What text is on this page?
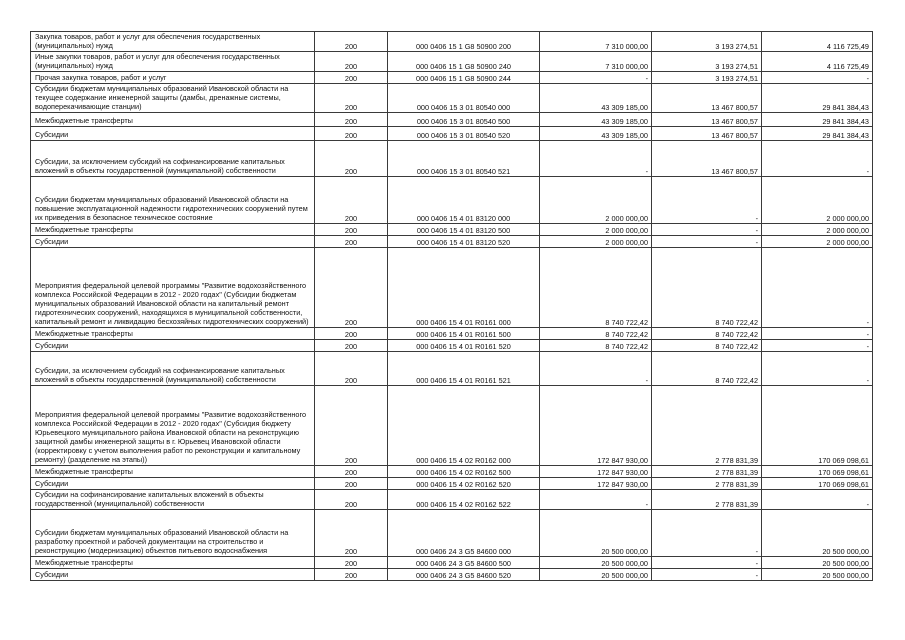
Закупка товаров, работ и услуг для обеспечения государственных (муниципальных) нужд	200	000 0406 15 1 G8 50900 200	7 310 000,00	3 193 274,51	4 116 725,49
Иные закупки товаров, работ и услуг для обеспечения государственных (муниципальных) нужд	200	000 0406 15 1 G8 50900 240	7 310 000,00	3 193 274,51	4 116 725,49
Прочая закупка товаров, работ и услуг	200	000 0406 15 1 G8 50900 244	-	3 193 274,51	-
Субсидии бюджетам муниципальных образований Ивановской области на текущее содержание инженерной защиты (дамбы, дренажные системы, водоперекачивающие станции)	200	000 0406 15 3 01 80540 000	43 309 185,00	13 467 800,57	29 841 384,43
Межбюджетные трансферты	200	000 0406 15 3 01 80540 500	43 309 185,00	13 467 800,57	29 841 384,43
Субсидии	200	000 0406 15 3 01 80540 520	43 309 185,00	13 467 800,57	29 841 384,43
Субсидии, за исключением субсидий на софинансирование капитальных вложений в объекты государственной (муниципальной) собственности	200	000 0406 15 3 01 80540 521	-	13 467 800,57	-
Субсидии бюджетам муниципальных образований Ивановской области на повышение эксплуатационной надежности гидротехнических сооружений путем их приведения в безопасное техническое состояние	200	000 0406 15 4 01 83120 000	2 000 000,00	-	2 000 000,00
Межбюджетные трансферты	200	000 0406 15 4 01 83120 500	2 000 000,00	-	2 000 000,00
Субсидии	200	000 0406 15 4 01 83120 520	2 000 000,00	-	2 000 000,00
Мероприятия федеральной целевой программы "Развитие водохозяйственного комплекса Российской Федерации в 2012 - 2020 годах" (Субсидии бюджетам муниципальных образований Ивановской области на капитальный ремонт гидротехнических сооружений, находящихся в муниципальной собственности, капитальный ремонт и ликвидацию бесхозяйных гидротехнических сооружений)	200	000 0406 15 4 01 R0161 000	8 740 722,42	8 740 722,42	-
Межбюджетные трансферты	200	000 0406 15 4 01 R0161 500	8 740 722,42	8 740 722,42	-
Субсидии	200	000 0406 15 4 01 R0161 520	8 740 722,42	8 740 722,42	-
Субсидии, за исключением субсидий на софинансирование капитальных вложений в объекты государственной (муниципальной) собственности	200	000 0406 15 4 01 R0161 521	-	8 740 722,42	-
Мероприятия федеральной целевой программы "Развитие водохозяйственного комплекса Российской Федерации в 2012 - 2020 годах" (Субсидия бюджету Юрьевецкого муниципального района Ивановской области на реконструкцию защитной дамбы инженерной защиты в г. Юрьевец Ивановской области (корректировку с учетом выполнения работ по реконструкции и капитальному ремонту) (разделение на этапы))	200	000 0406 15 4 02 R0162 000	172 847 930,00	2 778 831,39	170 069 098,61
Межбюджетные трансферты	200	000 0406 15 4 02 R0162 500	172 847 930,00	2 778 831,39	170 069 098,61
Субсидии	200	000 0406 15 4 02 R0162 520	172 847 930,00	2 778 831,39	170 069 098,61
Субсидии на софинансирование капитальных вложений в объекты государственной (муниципальной) собственности	200	000 0406 15 4 02 R0162 522	-	2 778 831,39	-
Субсидии бюджетам муниципальных образований Ивановской области на разработку проектной и рабочей документации на строительство и реконструкцию (модернизацию) объектов питьевого водоснабжения	200	000 0406 24 3 G5 84600 000	20 500 000,00	-	20 500 000,00
Межбюджетные трансферты	200	000 0406 24 3 G5 84600 500	20 500 000,00	-	20 500 000,00
Субсидии	200	000 0406 24 3 G5 84600 520	20 500 000,00	-	20 500 000,00
